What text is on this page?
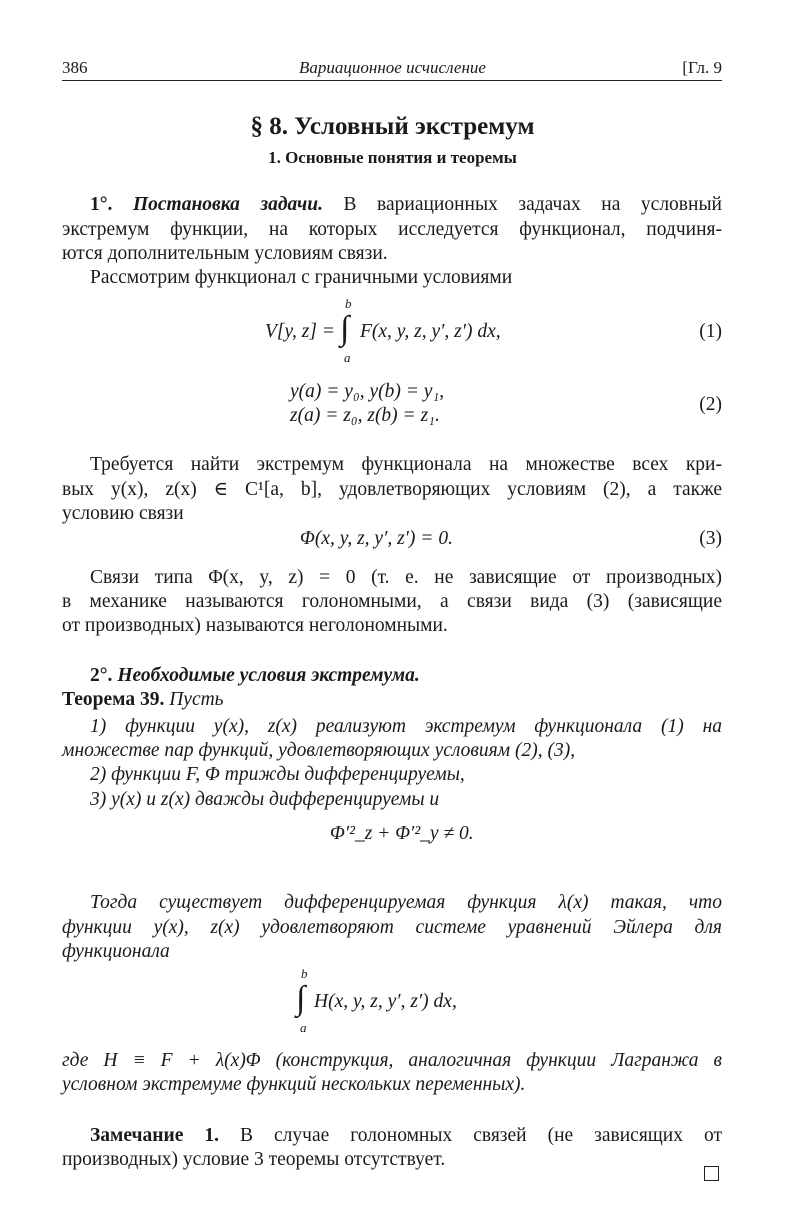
386	Вариационное исчисление	[Гл. 9
§ 8. Условный экстремум
1. Основные понятия и теоремы
1°. Постановка задачи. В вариационных задачах на условный
экстремум функции, на которых исследуется функционал, подчиня-
ются дополнительным условиям связи.
Рассмотрим функционал с граничными условиями
b
∫
a
V[y, z] = F(x, y, z, y′, z′) dx,	(1)
y(a) = y₀, y(b) = y₁,
z(a) = z₀, z(b) = z₁.
(2)
Требуется найти экстремум функционала на множестве всех кри-
вых y(x), z(x) ∈ C¹[a, b], удовлетворяющих условиям (2), а также
условию связи
Φ(x, y, z, y′, z′) = 0.	(3)
Связи типа Φ(x, y, z) = 0 (т. е. не зависящие от производных)
в механике называются голономными, а связи вида (3) (зависящие
от производных) называются неголономными.
2°. Необходимые условия экстремума.
Теорема 39. Пусть
1) функции y(x), z(x) реализуют экстремум функционала (1) на
множестве пар функций, удовлетворяющих условиям (2), (3),
2) функции F, Φ трижды дифференцируемы,
3) y(x) и z(x) дважды дифференцируемы и
Φ′²_z + Φ′²_y ≠ 0.
Тогда существует дифференцируемая функция λ(x) такая, что
функции y(x), z(x) удовлетворяют системе уравнений Эйлера для
функционала
b
∫
a
H(x, y, z, y′, z′) dx,
где H ≡ F + λ(x)Φ (конструкция, аналогичная функции Лагранжа в
условном экстремуме функций нескольких переменных).
Замечание 1. В случае голономных связей (не зависящих от
производных) условие 3 теоремы отсутствует.
